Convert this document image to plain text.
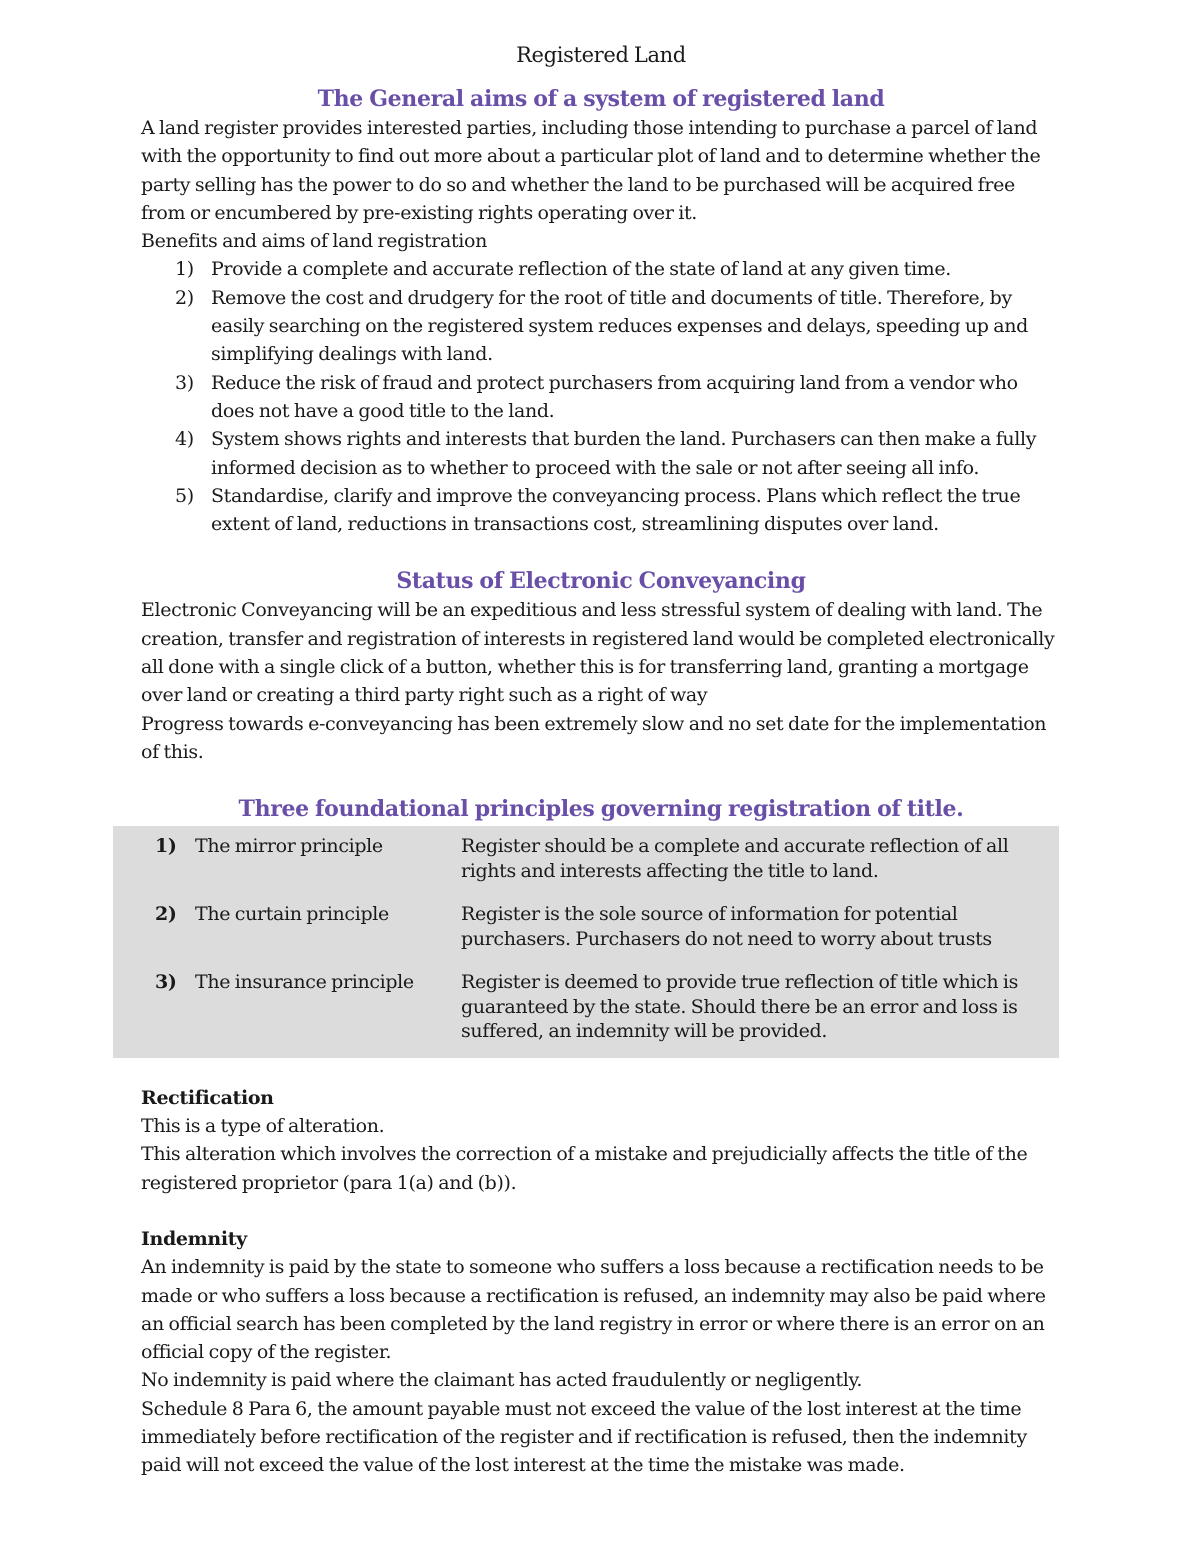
Registered Land
The General aims of a system of registered land

A land register provides interested parties, including those intending to purchase a parcel of land with the opportunity to find out more about a particular plot of land and to determine whether the party selling has the power to do so and whether the land to be purchased will be acquired free from or encumbered by pre-existing rights operating over it.

Benefits and aims of land registration

1) Provide a complete and accurate reflection of the state of land at any given time.
2) Remove the cost and drudgery for the root of title and documents of title. Therefore, by easily searching on the registered system reduces expenses and delays, speeding up and simplifying dealings with land.
3) Reduce the risk of fraud and protect purchasers from acquiring land from a vendor who does not have a good title to the land.
4) System shows rights and interests that burden the land. Purchasers can then make a fully informed decision as to whether to proceed with the sale or not after seeing all info.
5) Standardise, clarify and improve the conveyancing process. Plans which reflect the true extent of land, reductions in transactions cost, streamlining disputes over land.
Status of Electronic Conveyancing

Electronic Conveyancing will be an expeditious and less stressful system of dealing with land. The creation, transfer and registration of interests in registered land would be completed electronically all done with a single click of a button, whether this is for transferring land, granting a mortgage over land or creating a third party right such as a right of way

Progress towards e-conveyancing has been extremely slow and no set date for the implementation of this.

Three foundational principles governing registration of title.
1) The mirror principle	Register should be a complete and accurate reflection of all rights and interests affecting the title to land.
2) The curtain principle	Register is the sole source of information for potential purchasers. Purchasers do not need to worry about trusts
3) The insurance principle	Register is deemed to provide true reflection of title which is guaranteed by the state. Should there be an error and loss is suffered, an indemnity will be provided.

Rectification

This is a type of alteration.

This alteration which involves the correction of a mistake and prejudicially affects the title of the registered proprietor (para 1(a) and (b)).

Indemnity

An indemnity is paid by the state to someone who suffers a loss because a rectification needs to be made or who suffers a loss because a rectification is refused, an indemnity may also be paid where an official search has been completed by the land registry in error or where there is an error on an official copy of the register.

No indemnity is paid where the claimant has acted fraudulently or negligently.

Schedule 8 Para 6, the amount payable must not exceed the value of the lost interest at the time immediately before rectification of the register and if rectification is refused, then the indemnity paid will not exceed the value of the lost interest at the time the mistake was made.
